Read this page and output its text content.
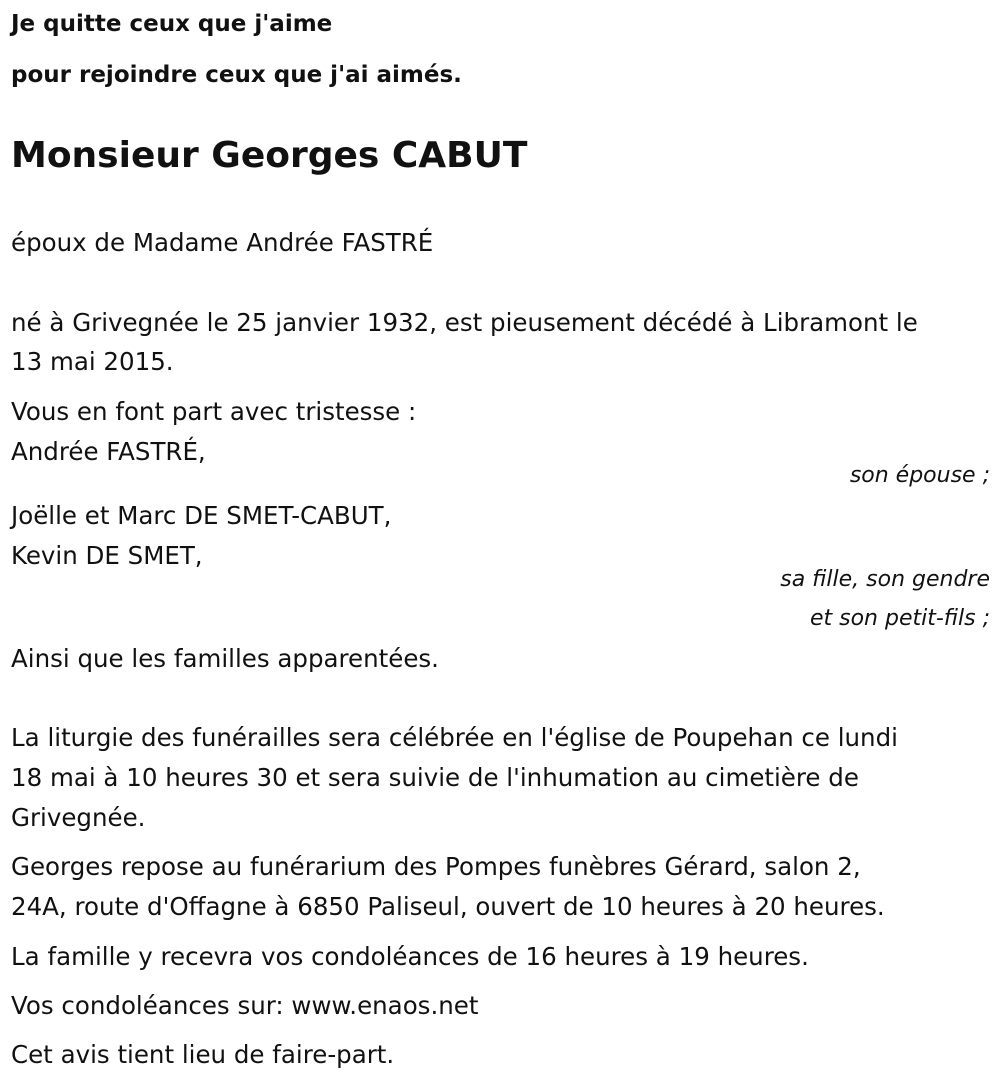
Je quitte ceux que j'aime
pour rejoindre ceux que j'ai aimés.
Monsieur Georges CABUT
époux de Madame Andrée FASTRÉ
né à Grivegnée le 25 janvier 1932, est pieusement décédé à Libramont le
13 mai 2015.
Vous en font part avec tristesse :
Andrée FASTRÉ,
son épouse ;
Joëlle et Marc DE SMET-CABUT,
Kevin DE SMET,
sa fille, son gendre
et son petit-fils ;
Ainsi que les familles apparentées.
La liturgie des funérailles sera célébrée en l'église de Poupehan ce lundi
18 mai à 10 heures 30 et sera suivie de l'inhumation au cimetière de
Grivegnée.
Georges repose au funérarium des Pompes funèbres Gérard, salon 2,
24A, route d'Offagne à 6850 Paliseul, ouvert de 10 heures à 20 heures.
La famille y recevra vos condoléances de 16 heures à 19 heures.
Vos condoléances sur: www.enaos.net
Cet avis tient lieu de faire-part.
